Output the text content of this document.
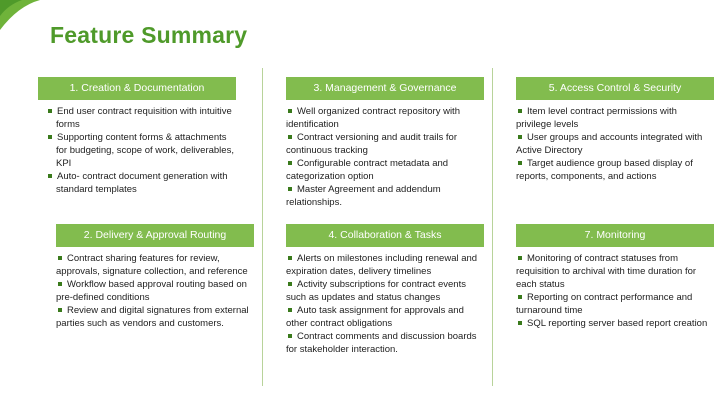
Feature Summary
1. Creation & Documentation
End user contract requisition with intuitive forms
Supporting content forms & attachments for budgeting, scope of work, deliverables, KPI
Auto- contract document generation with standard templates
3. Management & Governance
Well organized contract repository with identification
Contract versioning and audit trails for continuous tracking
Configurable contract metadata and categorization option
Master Agreement and addendum relationships.
5. Access Control & Security
Item level contract permissions with privilege levels
User groups and accounts integrated with Active Directory
Target audience group based display of reports, components, and actions
2. Delivery & Approval Routing
Contract sharing features for review, approvals, signature collection, and reference
Workflow based approval routing based on pre-defined conditions
Review and digital signatures from external parties such as vendors and customers.
4. Collaboration & Tasks
Alerts on milestones including renewal and expiration dates, delivery timelines
Activity subscriptions for contract events such as updates and status changes
Auto task assignment for approvals and other contract obligations
Contract comments and discussion boards for stakeholder interaction.
7. Monitoring
Monitoring of contract statuses from requisition to archival with time duration for each status
Reporting on contract performance and turnaround time
SQL reporting server based report creation
